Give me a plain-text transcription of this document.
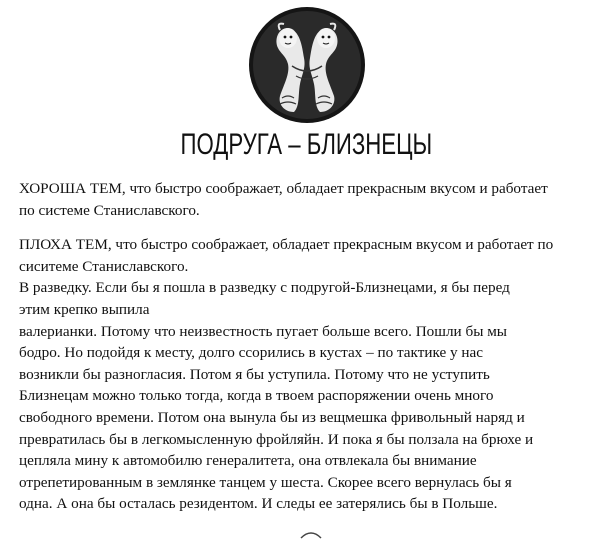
ПОДРУГА – БЛИЗНЕЦЫ

ХОРОША ТЕМ, что быстро соображает, обладает прекрасным вкусом и работает

по системе Станиславского.

ПЛОХА ТЕМ, что быстро соображает, обладает прекрасным вкусом и работает по

сиситеме Станиславского.

В разведку. Если бы я пошла в разведку с подругой-Близнецами, я бы перед

этим крепко выпила

валерианки. Потому что неизвестность пугает больше всего. Пошли бы мы

бодро. Но подойдя к месту, долго ссорились в кустах – по тактике у нас

возникли бы разногласия. Потом я бы уступила. Потому что не уступить

Близнецам можно только тогда, когда в твоем распоряжении очень много

свободного времени. Потом она вынула бы из вещмешка фривольный наряд и

превратилась бы в легкомысленную фройляйн. И пока я бы ползала на брюхе и

цепляла мину к автомобилю генералитета, она отвлекала бы внимание

отрепетированным в землянке танцем у шеста. Скорее всего вернулась бы я

одна. А она бы осталась резидентом. И следы ее затерялись бы в Польше.
